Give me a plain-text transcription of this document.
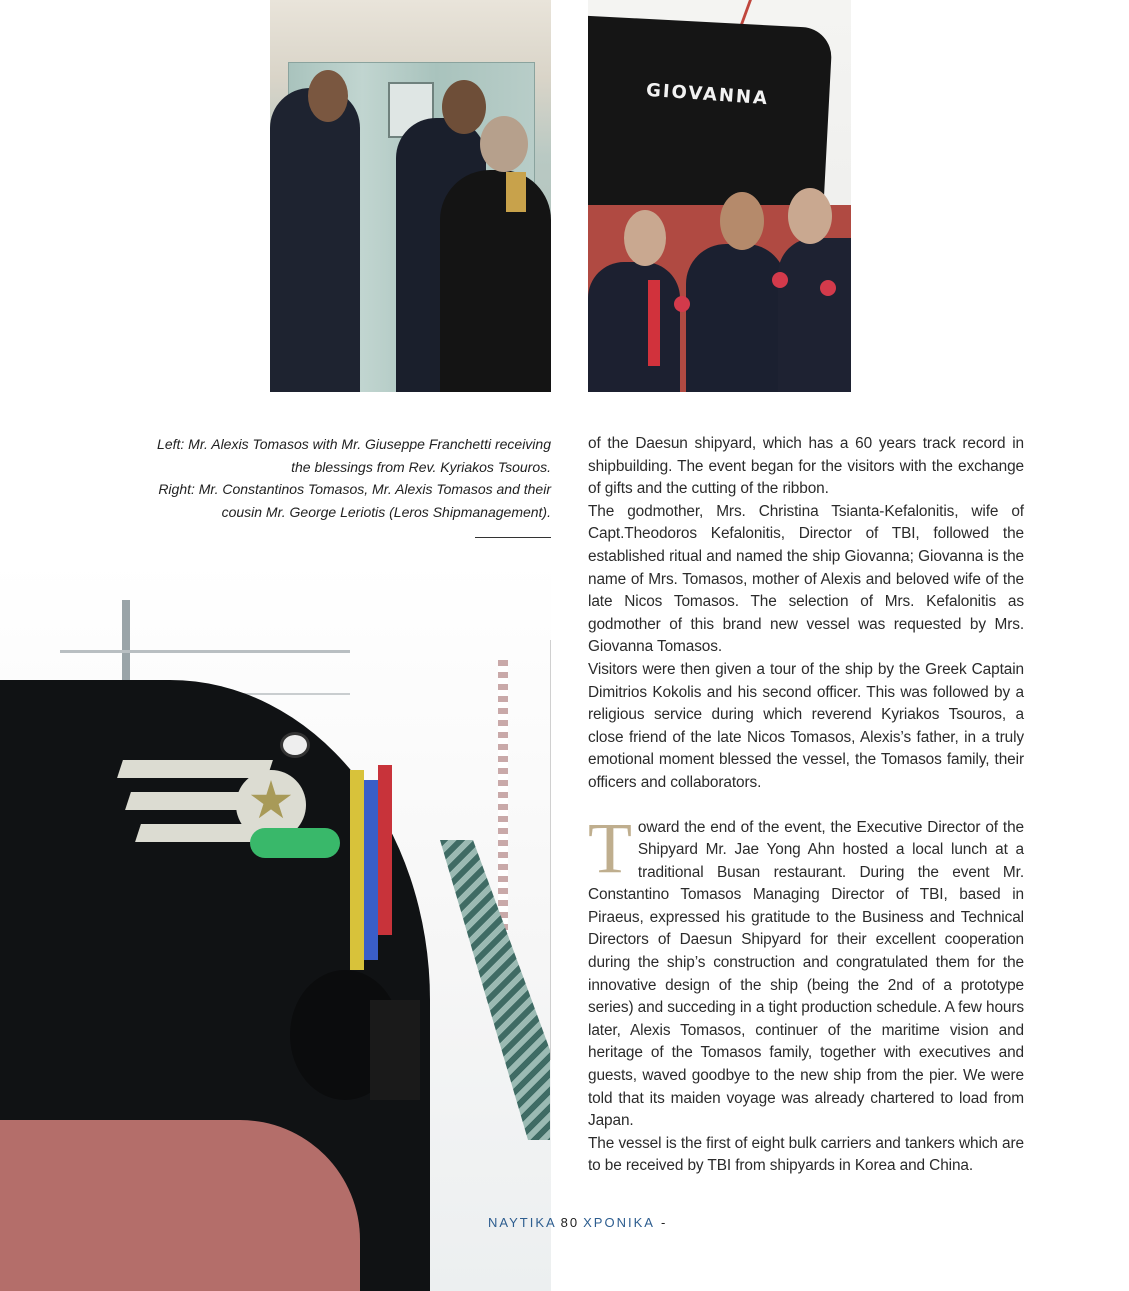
GIOVANNA

Left: Mr. Alexis Tomasos with Mr. Giuseppe Franchetti receiving

the blessings from Rev. Kyriakos Tsouros.

Right: Mr. Constantinos Tomasos, Mr. Alexis Tomasos and their

cousin Mr. George Leriotis (Leros Shipmanagement).

of the Daesun shipyard, which has a 60 years track record in shipbuilding. The event began for the visitors with the exchange of gifts and the cutting of the ribbon.

The godmother, Mrs. Christina Tsianta-Kefalonitis, wife of Capt.Theodoros Kefalonitis, Director of TBI, followed the established ritual and named the ship Giovanna; Giovanna is the name of Mrs. Tomasos, mother of Alexis and beloved wife of the late Nicos Tomasos. The selection of Mrs. Kefalonitis as godmother of this brand new vessel was requested by Mrs. Giovanna Tomasos.

Visitors were then given a tour of the ship by the Greek Captain Dimitrios Kokolis and his second officer. This was followed by a religious service during which reverend Kyriakos Tsouros, a close friend of the late Nicos Tomasos, Alexis’s father, in a truly emotional moment blessed the vessel, the Tomasos family, their officers and collaborators.

Toward the end of the event, the Executive Director of the Shipyard Mr. Jae Yong Ahn hosted a local lunch at a traditional Busan restaurant. During the event Mr. Constantino Tomasos Managing Director of TBI, based in Piraeus, expressed his gratitude to the Business and Technical Directors of Daesun Shipyard for their excellent cooperation during the ship’s construction and congratulated them for the innovative design of the ship (being the 2nd of a prototype series) and succeding in a tight production schedule. A few hours later, Alexis Tomasos, continuer of the maritime vision and heritage of the Tomasos family, together with executives and guests, waved goodbye to the new ship from the pier. We were told that its maiden voyage was already chartered to load from Japan.

The vessel is the first of eight bulk carriers and tankers which are to be received by TBI from shipyards in Korea and China.

ΝΑΥΤΙΚΑ 80 ΧΡΟΝΙΚΑ -
